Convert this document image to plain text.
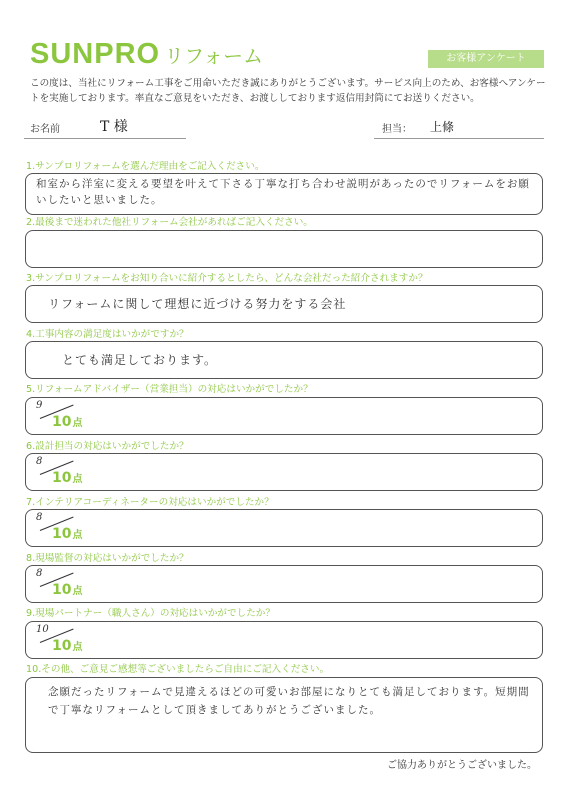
SUNPRO リフォーム	お客様アンケート
この度は、当社にリフォーム工事をご用命いただき誠にありがとうございます。サービス向上のため、お客様へアンケートを実施しております。率直なご意見をいただき、お渡ししております返信用封筒にてお送りください。
お名前	T 様	担当： 上條
1.サンプロリフォームを選んだ理由をご記入ください。
和室から洋室に変える要望を叶えて下さる丁寧な打ち合わせ説明があったのでリフォームをお願いしたいと思いました。
2.最後まで迷われた他社リフォーム会社があればご記入ください。
3.サンプロリフォームをお知り合いに紹介するとしたら、どんな会社だった紹介されますか？
リフォームに関して理想に近づける努力をする会社
4.工事内容の満足度はいかがですか？
とても満足しております。
5.リフォームアドバイザー（営業担当）の対応はいかがでしたか？
9
10点
6.設計担当の対応はいかがでしたか？
8
10点
7.インテリアコーディネーターの対応はいかがでしたか？
8
10点
8.現場監督の対応はいかがでしたか？
8
10点
9.現場パートナー（職人さん）の対応はいかがでしたか？
10
10点
10.その他、ご意見ご感想等ございましたらご自由にご記入ください。
念願だったリフォームで見違えるほどの可愛いお部屋になりとても満足しております。短期間で丁寧なリフォームとして頂きましてありがとうございました。
ご協力ありがとうございました。
